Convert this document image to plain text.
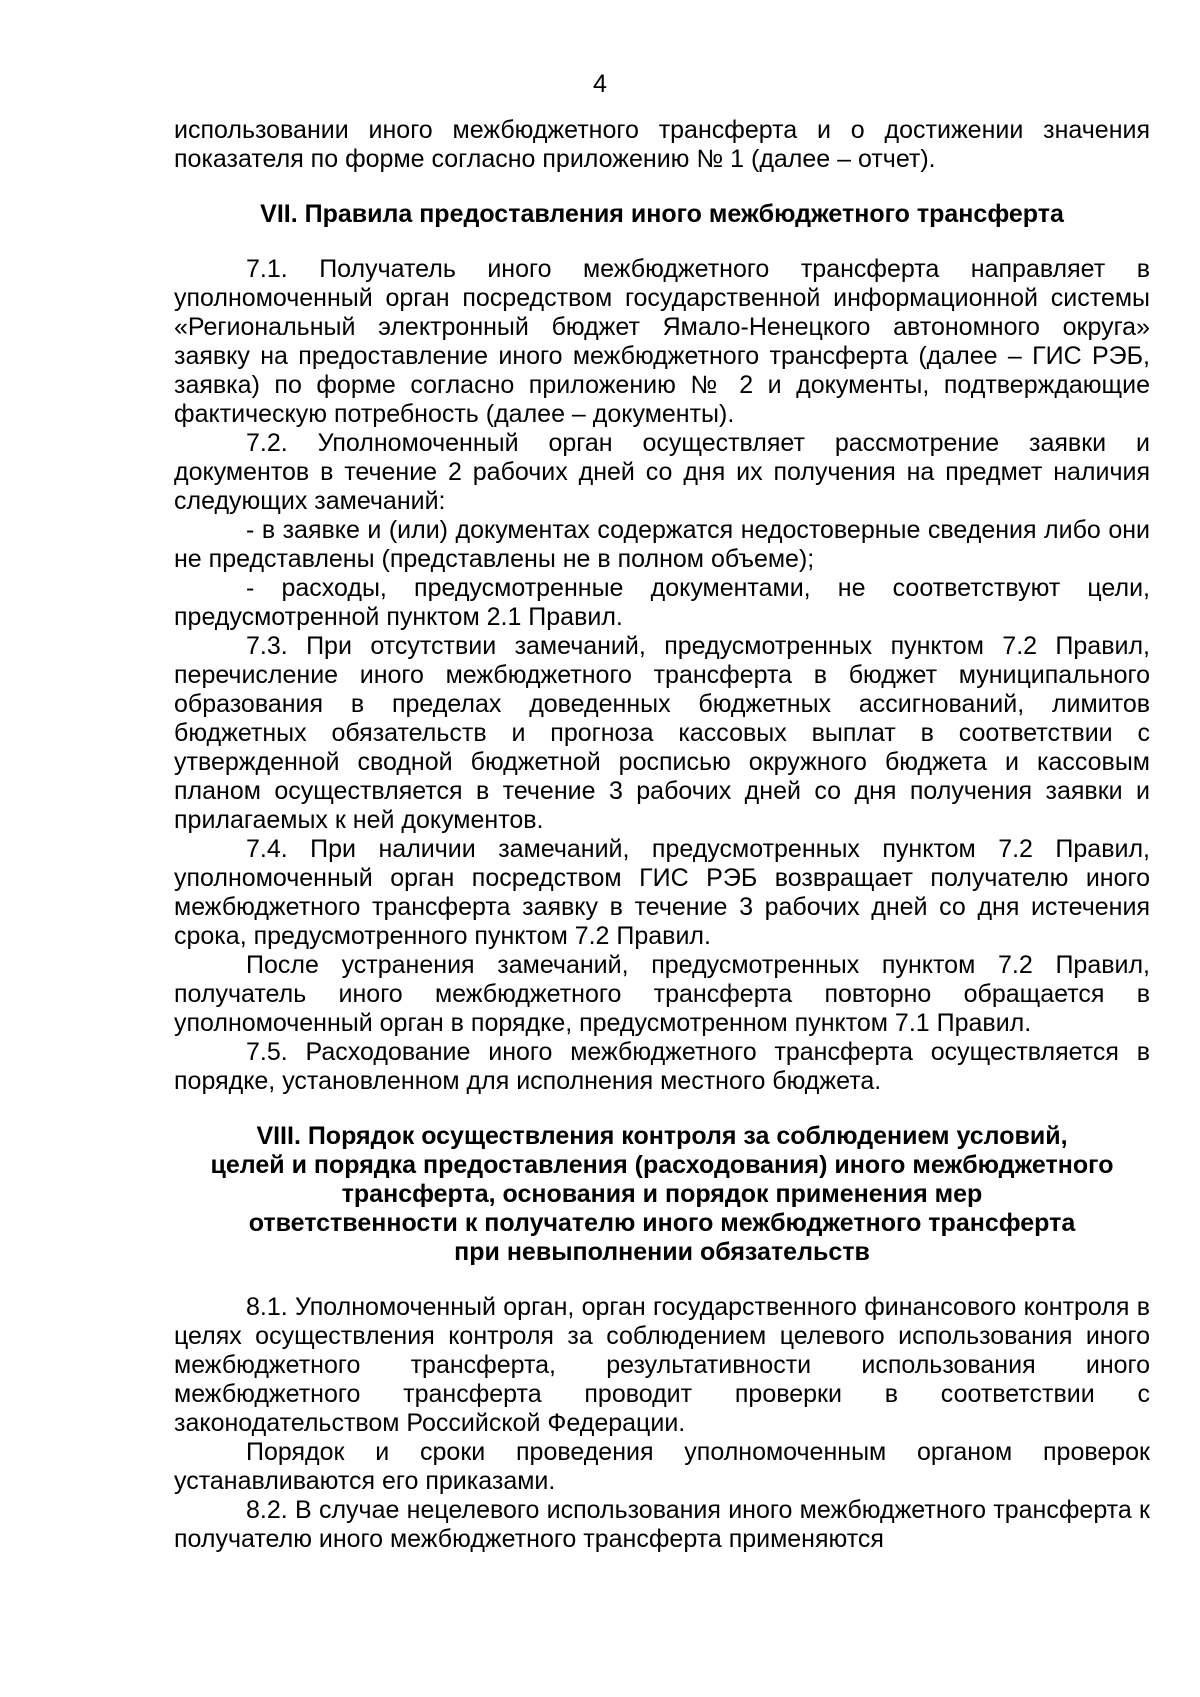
4

использовании иного межбюджетного трансферта и о достижении значения показателя по форме согласно приложению № 1 (далее – отчет).

VII. Правила предоставления иного межбюджетного трансферта

7.1. Получатель иного межбюджетного трансферта направляет в уполномоченный орган посредством государственной информационной системы «Региональный электронный бюджет Ямало-Ненецкого автономного округа» заявку на предоставление иного межбюджетного трансферта (далее – ГИС РЭБ, заявка) по форме согласно приложению № 2 и документы, подтверждающие фактическую потребность (далее – документы).

7.2. Уполномоченный орган осуществляет рассмотрение заявки и документов в течение 2 рабочих дней со дня их получения на предмет наличия следующих замечаний:

- в заявке и (или) документах содержатся недостоверные сведения либо они не представлены (представлены не в полном объеме);

- расходы, предусмотренные документами, не соответствуют цели, предусмотренной пунктом 2.1 Правил.

7.3. При отсутствии замечаний, предусмотренных пунктом 7.2 Правил, перечисление иного межбюджетного трансферта в бюджет муниципального образования в пределах доведенных бюджетных ассигнований, лимитов бюджетных обязательств и прогноза кассовых выплат в соответствии с утвержденной сводной бюджетной росписью окружного бюджета и кассовым планом осуществляется в течение 3 рабочих дней со дня получения заявки и прилагаемых к ней документов.

7.4. При наличии замечаний, предусмотренных пунктом 7.2 Правил, уполномоченный орган посредством ГИС РЭБ возвращает получателю иного межбюджетного трансферта заявку в течение 3 рабочих дней со дня истечения срока, предусмотренного пунктом 7.2 Правил.

После устранения замечаний, предусмотренных пунктом 7.2 Правил, получатель иного межбюджетного трансферта повторно обращается в уполномоченный орган в порядке, предусмотренном пунктом 7.1 Правил.

7.5. Расходование иного межбюджетного трансферта осуществляется в порядке, установленном для исполнения местного бюджета.

VIII. Порядок осуществления контроля за соблюдением условий,
целей и порядка предоставления (расходования) иного межбюджетного
трансферта, основания и порядок применения мер
ответственности к получателю иного межбюджетного трансферта
при невыполнении обязательств

8.1. Уполномоченный орган, орган государственного финансового контроля в целях осуществления контроля за соблюдением целевого использования иного межбюджетного трансферта, результативности использования иного межбюджетного трансферта проводит проверки в соответствии с законодательством Российской Федерации.

Порядок и сроки проведения уполномоченным органом проверок устанавливаются его приказами.

8.2. В случае нецелевого использования иного межбюджетного трансферта к получателю иного межбюджетного трансферта применяются
